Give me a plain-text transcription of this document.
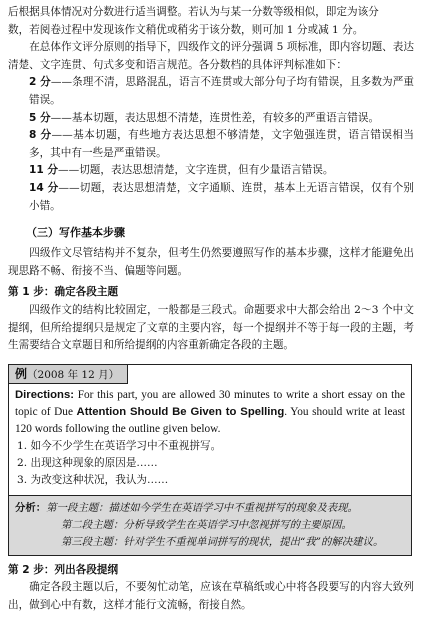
后根据具体情况对分数进行适当调整。若认为与某一分数等级相似，即定为该分

数，若阅卷过程中发现该作文稍优或稍劣于该分数，则可加 1 分或减 1 分。

在总体作文评分原则的指导下，四级作文的评分强调 5 项标准，即内容切题、表达清楚、文字连贯、句式多变和语言规范。各分数档的具体评判标准如下：

2 分——条理不清，思路混乱，语言不连贯或大部分句子均有错误，且多数为严重错误。

5 分——基本切题，表达思想不清楚，连贯性差，有较多的严重语言错误。

8 分——基本切题，有些地方表达思想不够清楚，文字勉强连贯，语言错误相当多，其中有一些是严重错误。

11 分——切题，表达思想清楚，文字连贯，但有少量语言错误。

14 分——切题，表达思想清楚，文字通顺、连贯，基本上无语言错误，仅有个别小错。

（三）写作基本步骤

四级作文尽管结构并不复杂，但考生仍然要遵照写作的基本步骤，这样才能避免出现思路不畅、衔接不当、偏题等问题。

第 1 步：确定各段主题

四级作文的结构比较固定，一般都是三段式。命题要求中大都会给出 2～3 个中文提纲，但所给提纲只是规定了文章的主要内容，每一个提纲并不等于每一段的主题，考生需要结合文章题目和所给提纲的内容重新确定各段的主题。

例（2008 年 12 月）

Directions: For this part, you are allowed 30 minutes to write a short essay on the topic of Due Attention Should Be Given to Spelling. You should write at least 120 words following the outline given below.

1. 如今不少学生在英语学习中不重视拼写。

2. 出现这种现象的原因是……

3. 为改变这种状况，我认为……

分析：第一段主题：描述如今学生在英语学习中不重视拼写的现象及表现。

第二段主题：分析导致学生在英语学习中忽视拼写的主要原因。

第三段主题：针对学生不重视单词拼写的现状，提出“我”的解决建议。

第 2 步：列出各段提纲

确定各段主题以后，不要匆忙动笔，应该在草稿纸或心中将各段要写的内容大致列出，做到心中有数，这样才能行文流畅，衔接自然。
